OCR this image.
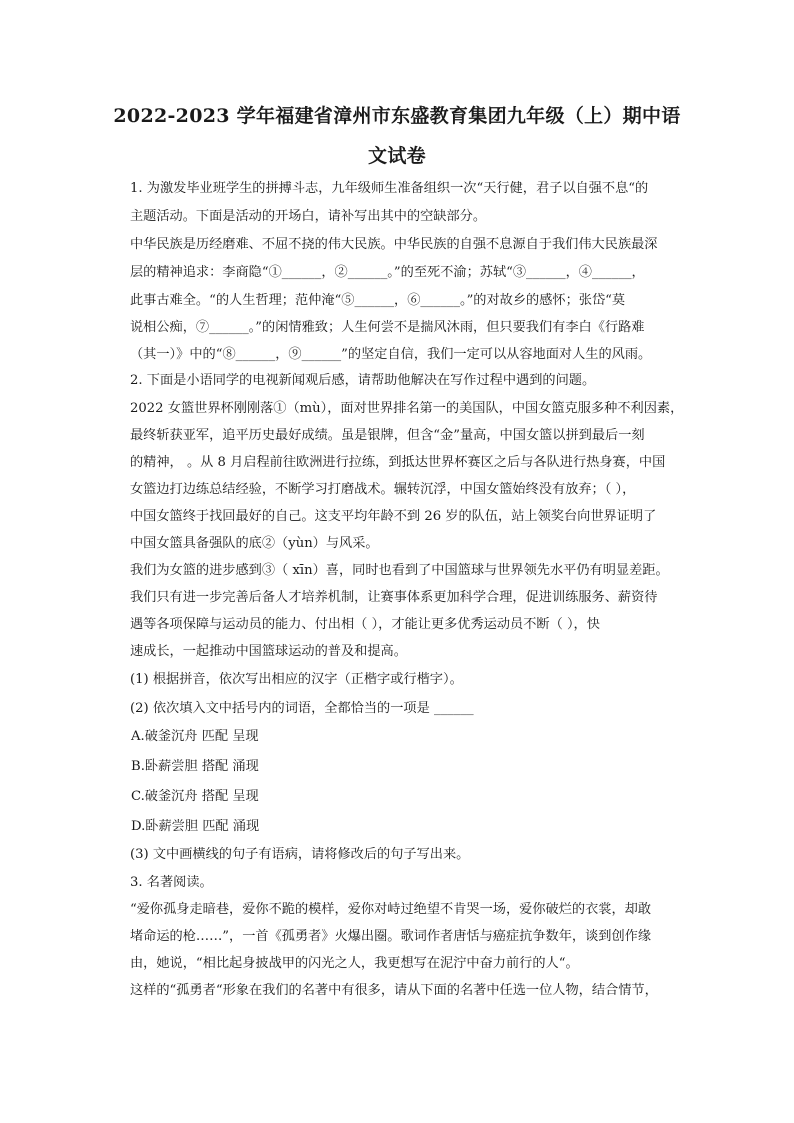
2022-2023 学年福建省漳州市东盛教育集团九年级（上）期中语
文试卷
1. 为激发毕业班学生的拼搏斗志，九年级师生准备组织一次“天行健，君子以自强不息“的
主题活动。下面是活动的开场白，请补写出其中的空缺部分。
中华民族是历经磨难、不屈不挠的伟大民族。中华民族的自强不息源自于我们伟大民族最深
层的精神追求：李商隐“①______，②______。”的至死不渝；苏轼“③______，④______，
此事古难全。“的人生哲理；范仲淹“⑤______，⑥______。”的对故乡的感怀；张岱“莫
说相公痴，⑦______。”的闲情雅致；人生何尝不是揣风沐雨，但只要我们有李白《行路难
（其一）》中的“⑧______，⑨______”的坚定自信，我们一定可以从容地面对人生的风雨。
2. 下面是小语同学的电视新闻观后感，请帮助他解决在写作过程中遇到的问题。
2022 女篮世界杯刚刚落①（mù），面对世界排名第一的美国队，中国女篮克服多种不利因素，
最终斩获亚军，追平历史最好成绩。虽是银牌，但含“金”量高，中国女篮以拼到最后一刻
的精神， 。从 8 月启程前往欧洲进行拉练，到抵达世界杯赛区之后与各队进行热身赛，中国
女篮边打边练总结经验，不断学习打磨战术。辗转沉浮，中国女篮始终没有放弃；（ ），
中国女篮终于找回最好的自己。这支平均年龄不到 26 岁的队伍，站上领奖台向世界证明了
中国女篮具备强队的底②（yùn）与风采。
我们为女篮的进步感到③（ xīn）喜，同时也看到了中国篮球与世界领先水平仍有明显差距。
我们只有进一步完善后备人才培养机制，让赛事体系更加科学合理，促进训练服务、薪资待
遇等各项保障与运动员的能力、付出相（ ），才能让更多优秀运动员不断（ ），快
速成长，一起推动中国篮球运动的普及和提高。
(1) 根据拼音，依次写出相应的汉字（正楷字或行楷字）。
(2) 依次填入文中括号内的词语，全都恰当的一项是 ______
A.破釜沉舟 匹配 呈现
B.卧薪尝胆 搭配 涌现
C.破釜沉舟 搭配 呈现
D.卧薪尝胆 匹配 涌现
(3) 文中画横线的句子有语病，请将修改后的句子写出来。
3. 名著阅读。
“爱你孤身走暗巷，爱你不跪的模样，爱你对峙过绝望不肯哭一场，爱你破烂的衣裳，却敢
堵命运的枪……”，一首《孤勇者》火爆出圈。歌词作者唐恬与癌症抗争数年，谈到创作缘
由，她说，“相比起身披战甲的闪光之人，我更想写在泥泞中奋力前行的人“。
这样的“孤勇者“形象在我们的名著中有很多，请从下面的名著中任选一位人物，结合情节，
